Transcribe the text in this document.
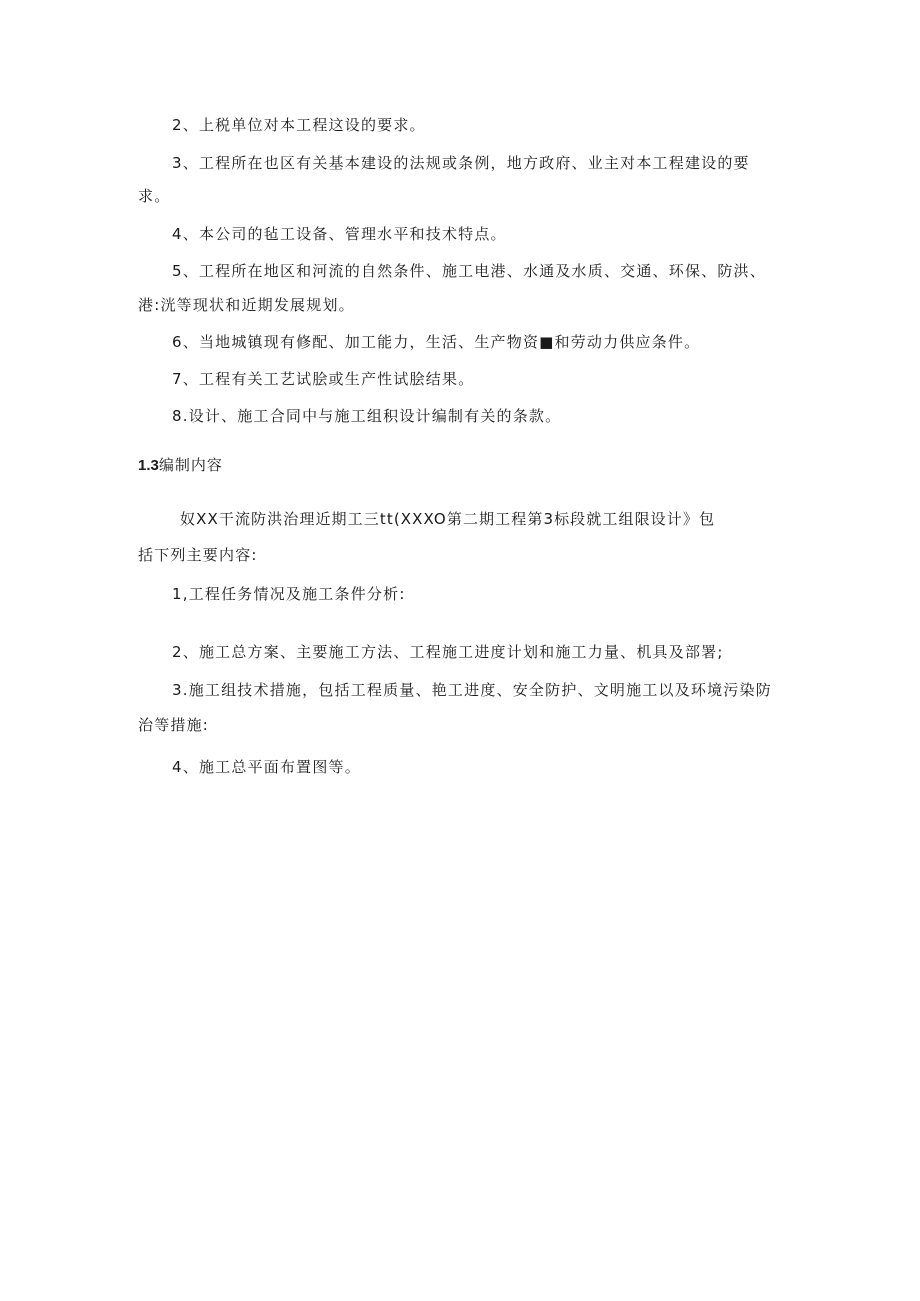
2、上税单位对本工程这设的要求。
3、工程所在也区有关基本建设的法规或条例，地方政府、业主对本工程建设的要
求。
4、本公司的毡工设备、管理水平和技术特点。
5、工程所在地区和河流的自然条件、施工电港、水通及水质、交通、环保、防洪、
港:洸等现状和近期发展规划。
6、当地城镇现有修配、加工能力，生活、生产物资■和劳动力供应条件。
7、工程有关工艺试脍或生产性试脍结果。
8.设计、施工合同中与施工组积设计编制有关的条款。
1.3编制内容
奴XX干流防洪治理近期工三tt(XXXO第二期工程第3标段就工组限设计》包
括下列主要内容:
1,工程任务情况及施工条件分析:
2、施工总方案、主要施工方法、工程施工进度计划和施工力量、机具及部署;
3.施工组技术措施，包括工程质量、艳工进度、安全防护、文明施工以及环境污染防
治等措施:
4、施工总平面布置图等。
